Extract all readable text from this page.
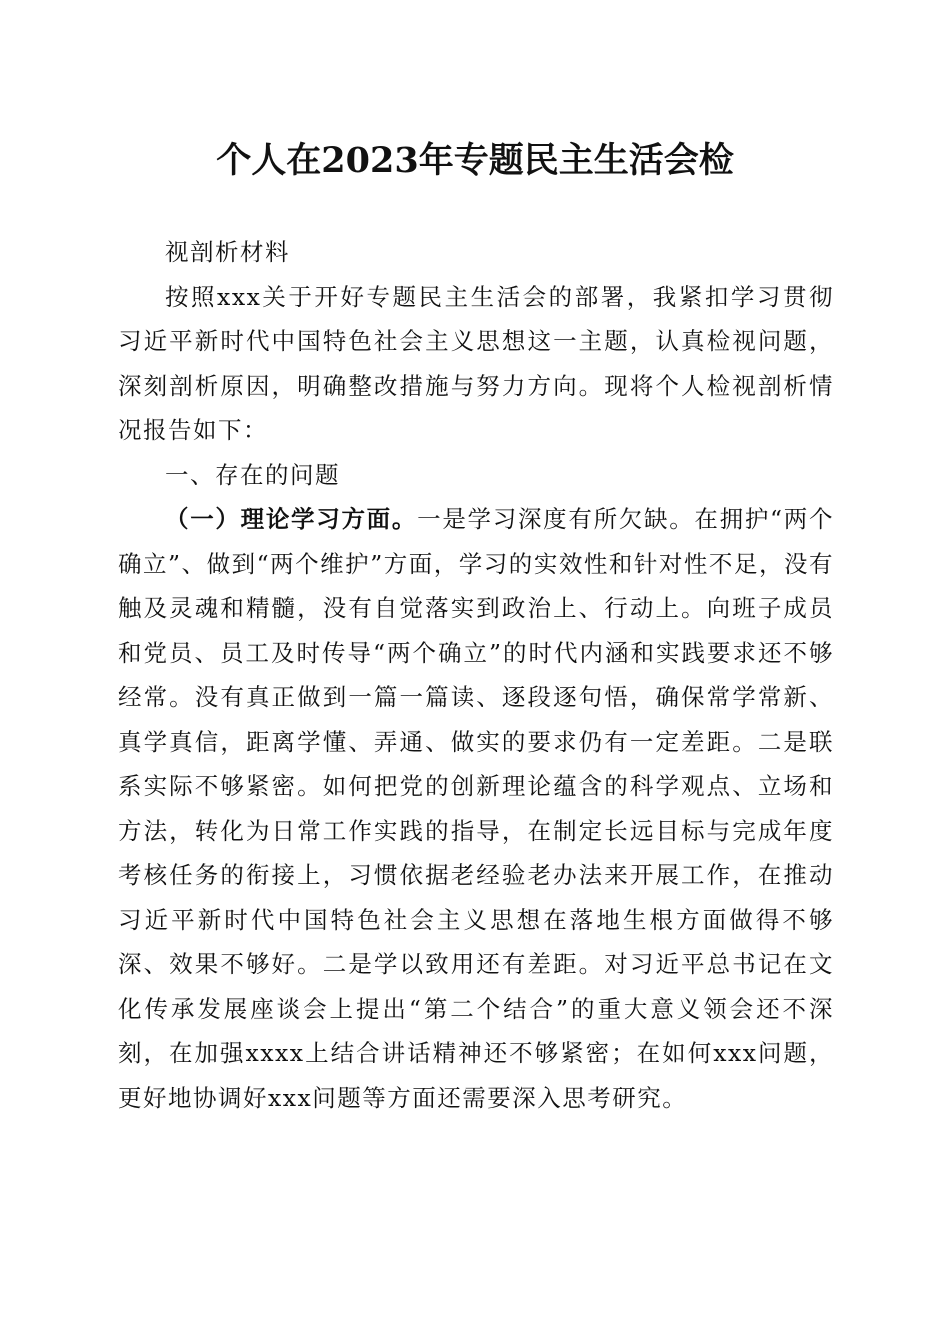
个人在2023年专题民主生活会检

视剖析材料

按照xxx关于开好专题民主生活会的部署，我紧扣学习贯彻习近平新时代中国特色社会主义思想这一主题，认真检视问题，深刻剖析原因，明确整改措施与努力方向。现将个人检视剖析情况报告如下：

一、存在的问题

（一）理论学习方面。一是学习深度有所欠缺。在拥护“两个确立”、做到“两个维护”方面，学习的实效性和针对性不足，没有触及灵魂和精髓，没有自觉落实到政治上、行动上。向班子成员和党员、员工及时传导“两个确立”的时代内涵和实践要求还不够经常。没有真正做到一篇一篇读、逐段逐句悟，确保常学常新、真学真信，距离学懂、弄通、做实的要求仍有一定差距。二是联系实际不够紧密。如何把党的创新理论蕴含的科学观点、立场和方法，转化为日常工作实践的指导，在制定长远目标与完成年度考核任务的衔接上，习惯依据老经验老办法来开展工作，在推动习近平新时代中国特色社会主义思想在落地生根方面做得不够深、效果不够好。二是学以致用还有差距。对习近平总书记在文化传承发展座谈会上提出“第二个结合”的重大意义领会还不深刻，在加强xxxx上结合讲话精神还不够紧密；在如何xxx问题，更好地协调好xxx问题等方面还需要深入思考研究。
